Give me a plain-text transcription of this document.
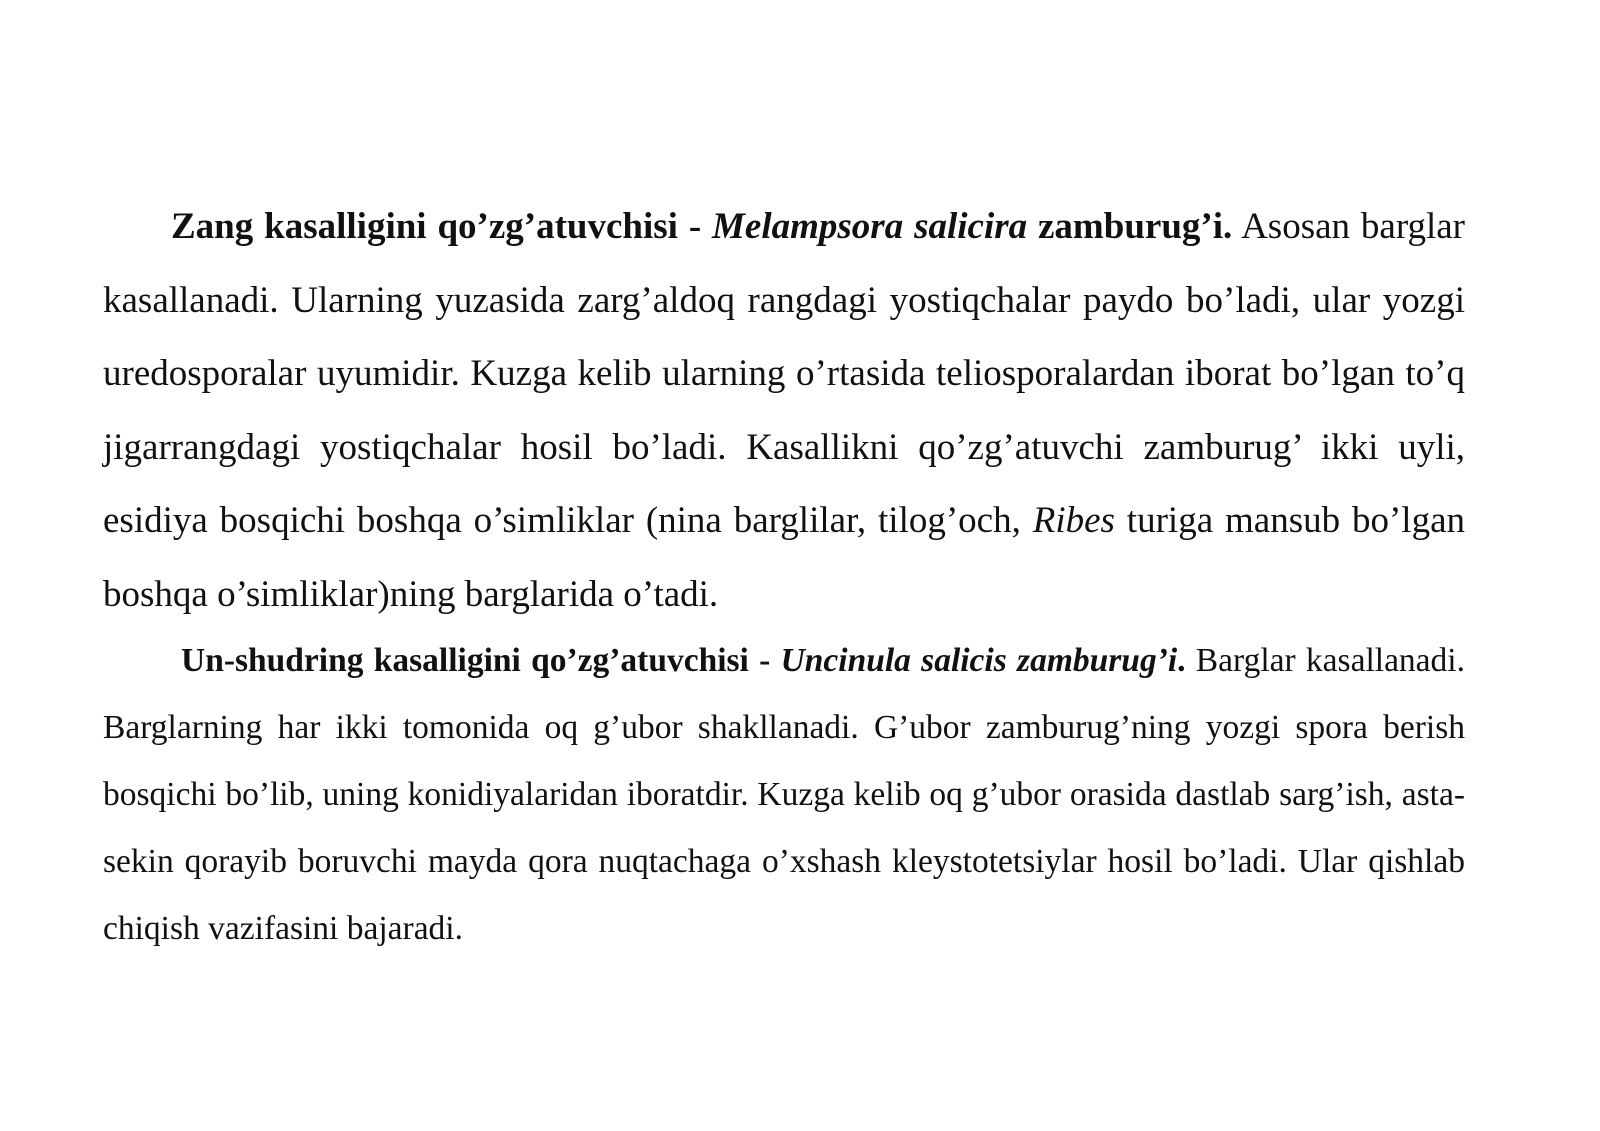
Zang kasalligini qo’zg’atuvchisi - Melampsora salicira zamburug’i. Asosan barglar kasallanadi. Ularning yuzasida zarg’aldoq rangdagi yostiqchalar paydo bo’ladi, ular yozgi uredosporalar uyumidir. Kuzga kelib ularning o’rtasida teliosporalardan iborat bo’lgan to’q jigarrangdagi yostiqchalar hosil bo’ladi. Kasallikni qo’zg’atuvchi zamburug’ ikki uyli, esidiya bosqichi boshqa o’simliklar (nina barglilar, tilog’och, Ribes turiga mansub bo’lgan boshqa o’simliklar)ning barglarida o’tadi.

Un-shudring kasalligini qo’zg’atuvchisi - Uncinula salicis zamburug’i. Barglar kasallanadi. Barglarning har ikki tomonida oq g’ubor shakllanadi. G’ubor zamburug’ning yozgi spora berish bosqichi bo’lib, uning konidiyalaridan iboratdir. Kuzga kelib oq g’ubor orasida dastlab sarg’ish, asta-sekin qorayib boruvchi mayda qora nuqtachaga o’xshash kleystotetsiylar hosil bo’ladi. Ular qishlab chiqish vazifasini bajaradi.
